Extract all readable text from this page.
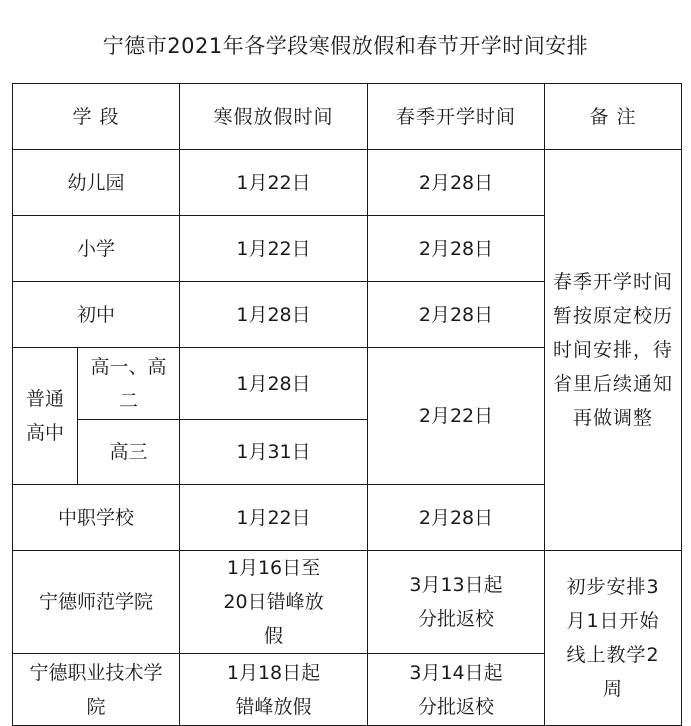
宁德市2021年各学段寒假放假和春节开学时间安排
学 段		寒假放假时间	春季开学时间	备 注
幼儿园		1月22日	2月28日	春季开学时间暂按原定校历时间安排，待省里后续通知再做调整
小学		1月22日	2月28日	
初中		1月28日	2月28日	
普通高中	高一、高二	1月28日	2月22日	
	高三	1月31日		
中职学校		1月22日	2月28日	
宁德师范学院		1月16日至20日错峰放假	3月13日起分批返校	初步安排3月1日开始线上教学2周
宁德职业技术学院		1月18日起错峰放假	3月14日起分批返校	
